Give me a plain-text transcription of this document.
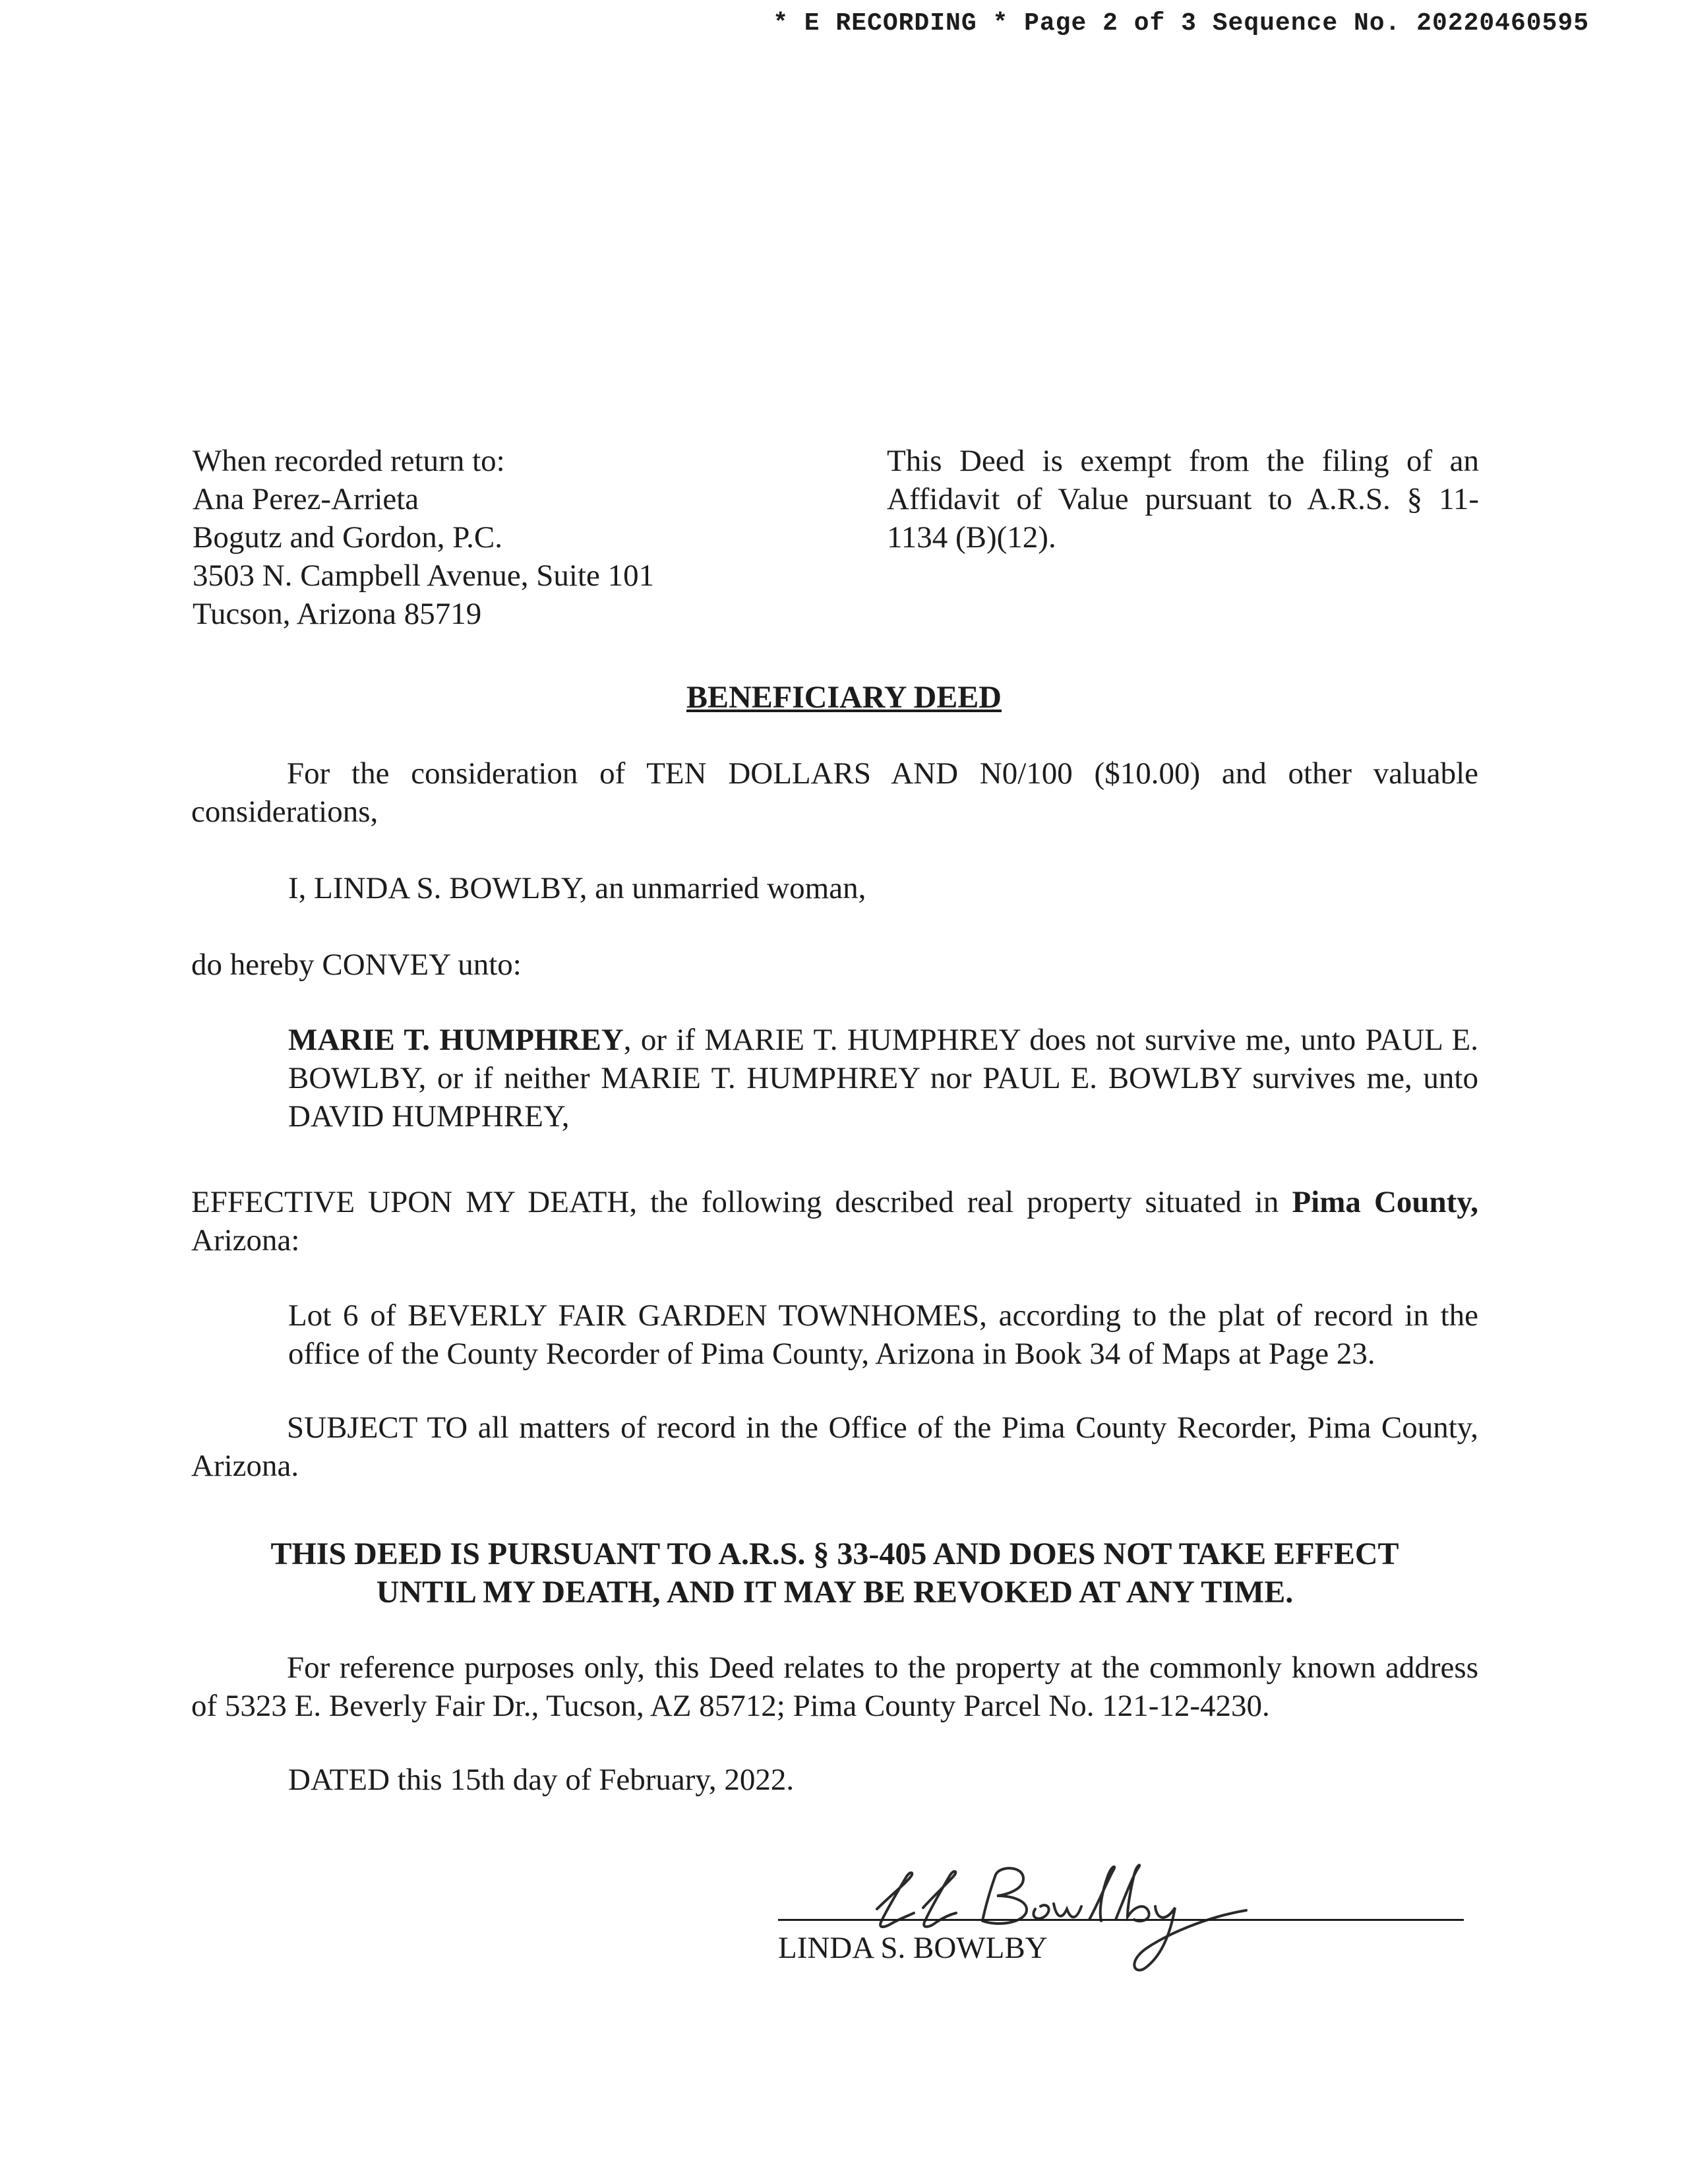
* E RECORDING * Page 2 of 3 Sequence No. 20220460595
When recorded return to:
Ana Perez-Arrieta
Bogutz and Gordon, P.C.
3503 N. Campbell Avenue, Suite 101
Tucson, Arizona 85719
This Deed is exempt from the filing of an Affidavit of Value pursuant to A.R.S. § 11-1134 (B)(12).
BENEFICIARY DEED
For the consideration of TEN DOLLARS AND N0/100 ($10.00) and other valuable considerations,
I, LINDA S. BOWLBY, an unmarried woman,
do hereby CONVEY unto:
MARIE T. HUMPHREY, or if MARIE T. HUMPHREY does not survive me, unto PAUL E. BOWLBY, or if neither MARIE T. HUMPHREY nor PAUL E. BOWLBY survives me, unto DAVID HUMPHREY,
EFFECTIVE UPON MY DEATH, the following described real property situated in Pima County, Arizona:
Lot 6 of BEVERLY FAIR GARDEN TOWNHOMES, according to the plat of record in the office of the County Recorder of Pima County, Arizona in Book 34 of Maps at Page 23.
SUBJECT TO all matters of record in the Office of the Pima County Recorder, Pima County, Arizona.
THIS DEED IS PURSUANT TO A.R.S. § 33-405 AND DOES NOT TAKE EFFECT
UNTIL MY DEATH, AND IT MAY BE REVOKED AT ANY TIME.
For reference purposes only, this Deed relates to the property at the commonly known address of 5323 E. Beverly Fair Dr., Tucson, AZ 85712; Pima County Parcel No. 121-12-4230.
DATED this 15th day of February, 2022.
LINDA S. BOWLBY
